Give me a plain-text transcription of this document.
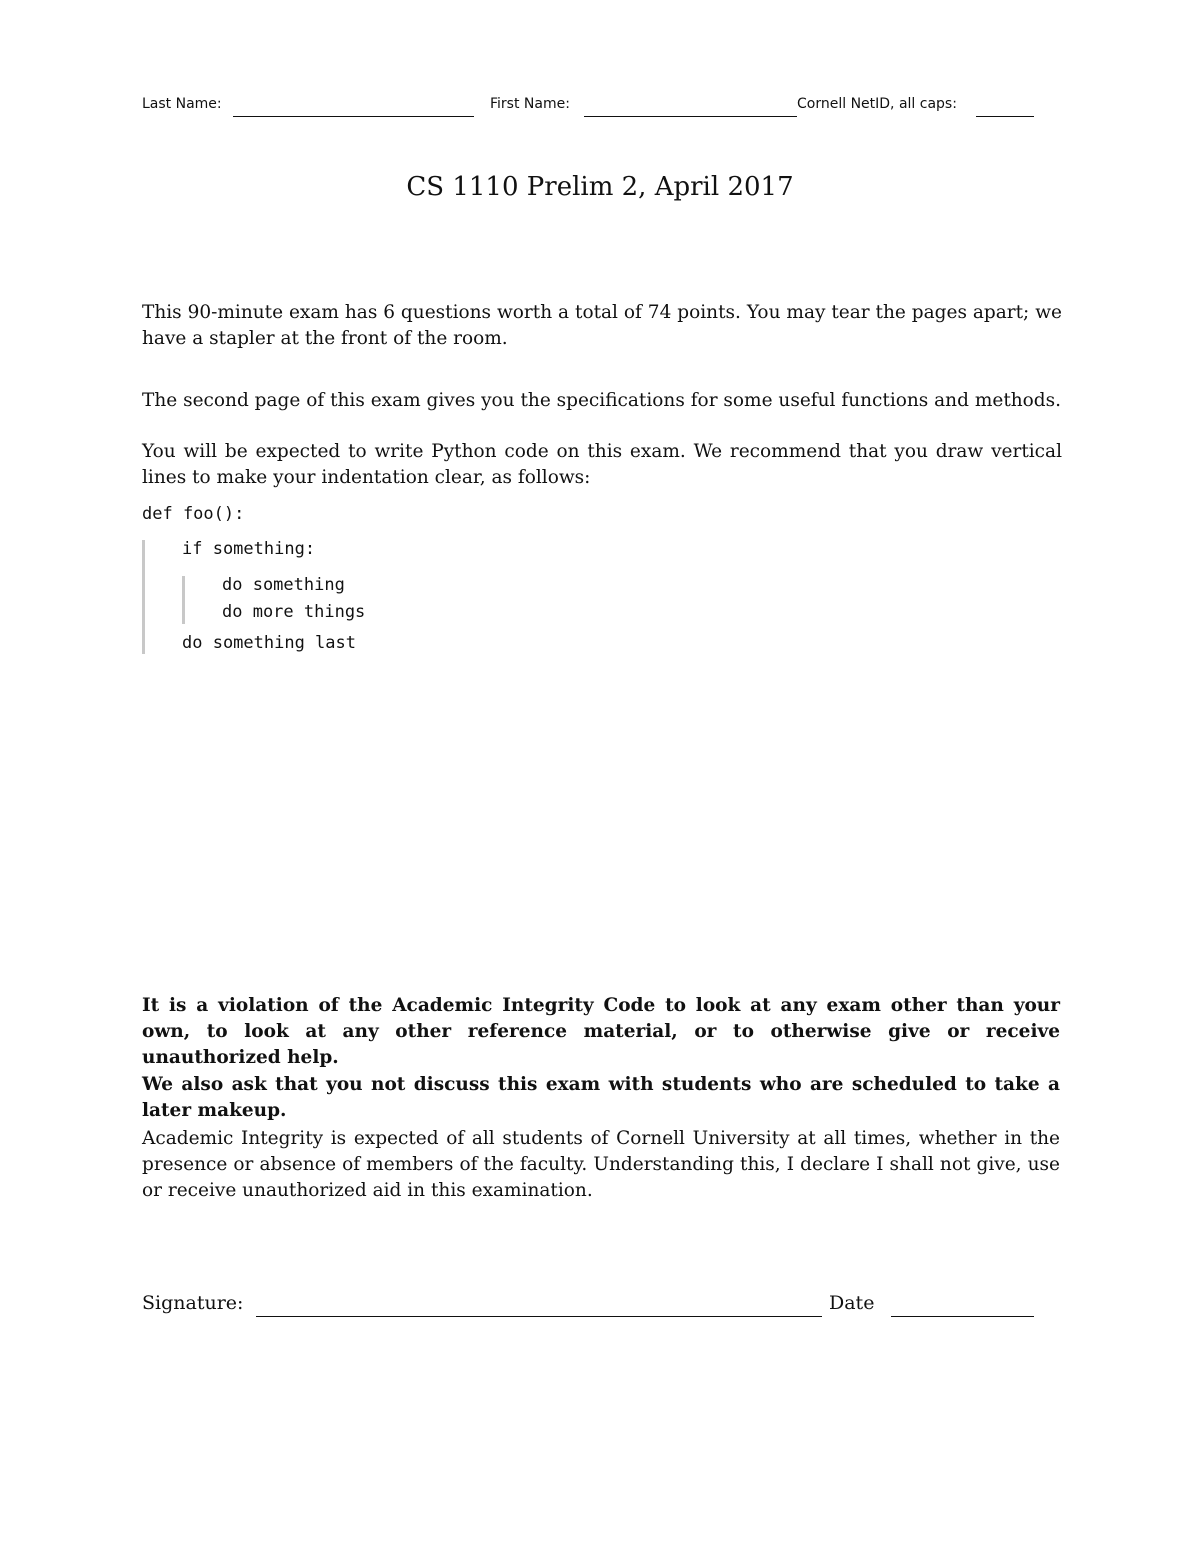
Last Name:	First Name:	Cornell NetID, all caps:
CS 1110 Prelim 2, April 2017
This 90-minute exam has 6 questions worth a total of 74 points. You may tear the pages apart; we have a stapler at the front of the room.
The second page of this exam gives you the specifications for some useful functions and methods.
You will be expected to write Python code on this exam. We recommend that you draw vertical lines to make your indentation clear, as follows:
def foo():
if something:
do something
do more things
do something last
It is a violation of the Academic Integrity Code to look at any exam other than your own, to look at any other reference material, or to otherwise give or receive unauthorized help.
We also ask that you not discuss this exam with students who are scheduled to take a later makeup.
Academic Integrity is expected of all students of Cornell University at all times, whether in the presence or absence of members of the faculty. Understanding this, I declare I shall not give, use or receive unauthorized aid in this examination.
Signature:	Date
